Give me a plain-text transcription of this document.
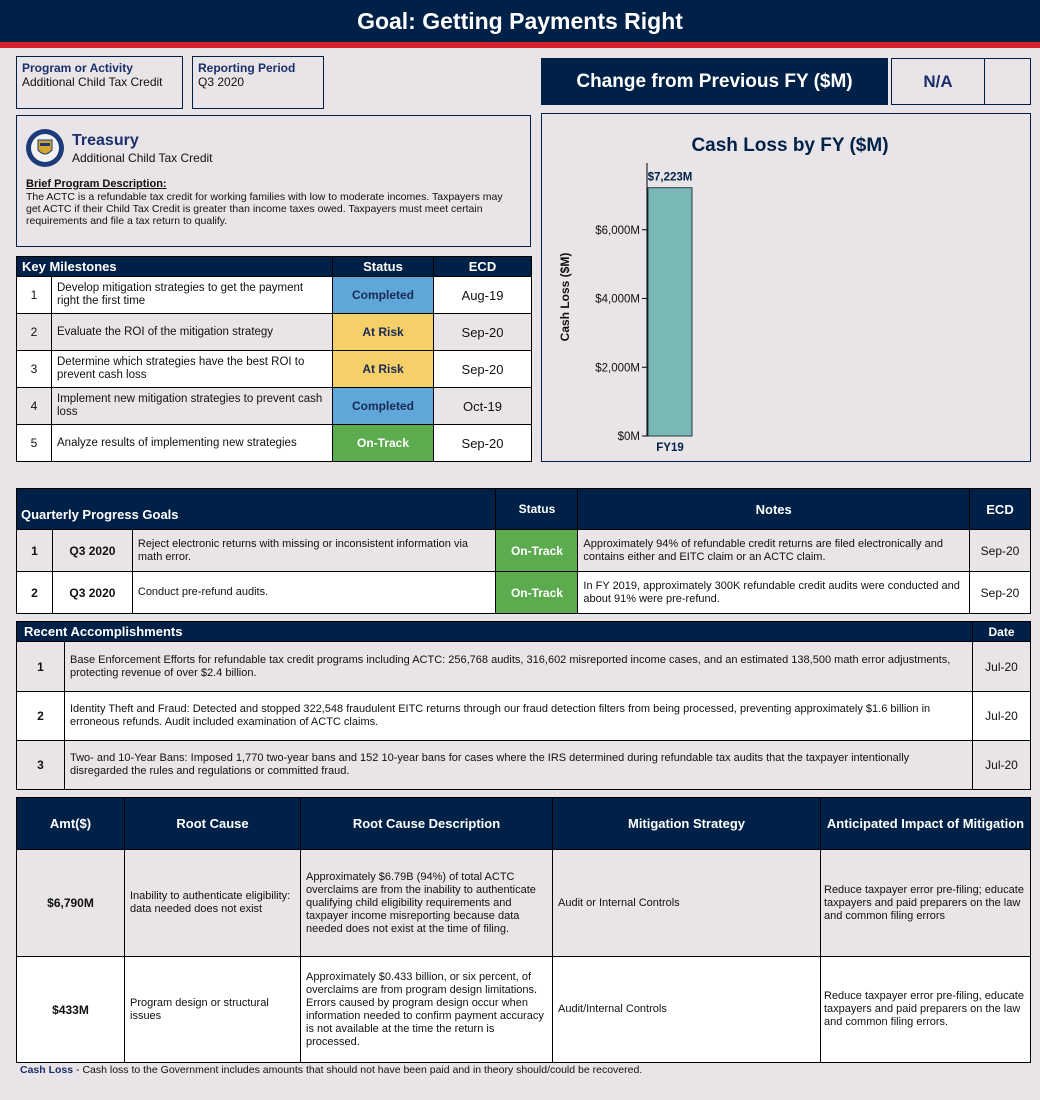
Goal: Getting Payments Right
Program or Activity
Additional Child Tax Credit
Reporting Period
Q3 2020	Change from Previous FY ($M)	N/A
Treasury
Additional Child Tax Credit
Brief Program Description:
The ACTC is a refundable tax credit for working families with low to moderate incomes. Taxpayers may get ACTC if their Child Tax Credit is greater than income taxes owed. Taxpayers must meet certain requirements and file a tax return to qualify.
Key Milestones		Status	ECD
1	Develop mitigation strategies to get the payment right the first time	Completed	Aug-19
2	Evaluate the ROI of the mitigation strategy	At Risk	Sep-20
3	Determine which strategies have the best ROI to prevent cash loss	At Risk	Sep-20
4	Implement new mitigation strategies to prevent cash loss	Completed	Oct-19
5	Analyze results of implementing new strategies	On-Track	Sep-20
Cash Loss by FY ($M)
Cash Loss ($M)
$0M
$2,000M
$4,000M
$6,000M
$7,223M
FY19
Quarterly Progress Goals			Status	Notes	ECD
1	Q3 2020	Reject electronic returns with missing or inconsistent information via math error.	On-Track	Approximately 94% of refundable credit returns are filed electronically and contains either and EITC claim or an ACTC claim.	Sep-20
2	Q3 2020	Conduct pre-refund audits.	On-Track	In FY 2019, approximately 300K refundable credit audits were conducted and about 91% were pre-refund.	Sep-20
Recent Accomplishments		Date
1	Base Enforcement Efforts for refundable tax credit programs including ACTC: 256,768 audits, 316,602 misreported income cases, and an estimated 138,500 math error adjustments, protecting revenue of over $2.4 billion.	Jul-20
2	Identity Theft and Fraud: Detected and stopped 322,548 fraudulent EITC returns through our fraud detection filters from being processed, preventing approximately $1.6 billion in erroneous refunds. Audit included examination of ACTC claims.	Jul-20
3	Two- and 10-Year Bans: Imposed 1,770 two-year bans and 152 10-year bans for cases where the IRS determined during refundable tax audits that the taxpayer intentionally disregarded the rules and regulations or committed fraud.	Jul-20
Amt($)	Root Cause	Root Cause Description	Mitigation Strategy	Anticipated Impact of Mitigation
$6,790M	Inability to authenticate eligibility: data needed does not exist	Approximately $6.79B (94%) of total ACTC overclaims are from the inability to authenticate qualifying child eligibility requirements and taxpayer income misreporting because data needed does not exist at the time of filing.	Audit or Internal Controls	Reduce taxpayer error pre-filing; educate taxpayers and paid preparers on the law and common filing errors
$433M	Program design or structural issues	Approximately $0.433 billion, or six percent, of overclaims are from program design limitations. Errors caused by program design occur when information needed to confirm payment accuracy is not available at the time the return is processed.	Audit/Internal Controls	Reduce taxpayer error pre-filing, educate taxpayers and paid preparers on the law and common filing errors.
Cash Loss - Cash loss to the Government includes amounts that should not have been paid and in theory should/could be recovered.
